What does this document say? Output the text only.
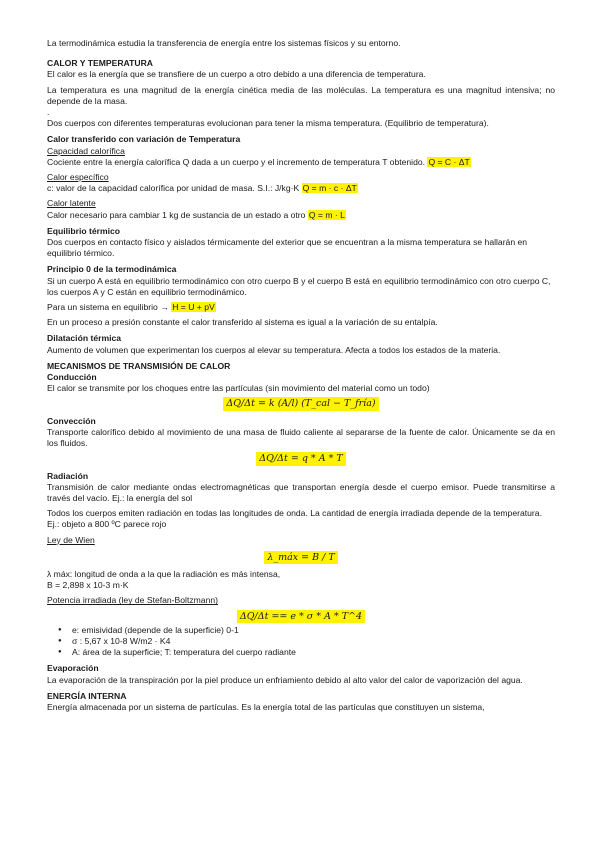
La termodinámica estudia la transferencia de energía entre los sistemas físicos y su entorno.

CALOR Y TEMPERATURA

El calor es la energía que se transfiere de un cuerpo a otro debido a una diferencia de temperatura.

La temperatura es una magnitud de la energía cinética media de las moléculas. La temperatura es una magnitud intensiva; no depende de la masa.

.

Dos cuerpos con diferentes temperaturas evolucionan para tener la misma temperatura. (Equilibrio de temperatura).

Calor transferido con variación de Temperatura

Capacidad calorífica

Cociente entre la energía calorífica Q dada a un cuerpo y el incremento de temperatura T obtenido. Q = C · ΔT

Calor específico

c: valor de la capacidad calorífica por unidad de masa. S.I.: J/kg·K Q = m · c · ΔT

Calor latente

Calor necesario para cambiar 1 kg de sustancia de un estado a otro Q = m · L

Equilibrio térmico

Dos cuerpos en contacto físico y aislados térmicamente del exterior que se encuentran a la misma temperatura se hallarán en equilibrio térmico.

Principio 0 de la termodinámica

Si un cuerpo A está en equilibrio termodinámico con otro cuerpo B y el cuerpo B está en equilibrio termodinámico con otro cuerpo C, los cuerpos A y C están en equilibrio termodinámico.

Para un sistema en equilibrio → H = U + pV

En un proceso a presión constante el calor transferido al sistema es igual a la variación de su entalpía.

Dilatación térmica

Aumento de volumen que experimentan los cuerpos al elevar su temperatura. Afecta a todos los estados de la materia.

MECANISMOS DE TRANSMISIÓN DE CALOR

Conducción

El calor se transmite por los choques entre las partículas (sin movimiento del material como un todo)

ΔQ/Δt = k (A/l) (T_cal − T_fría)

Convección

Transporte calorífico debido al movimiento de una masa de fluido caliente al separarse de la fuente de calor. Únicamente se da en los fluidos.

ΔQ/Δt = q * A * T

Radiación

Transmisión de calor mediante ondas electromagnéticas que transportan energía desde el cuerpo emisor. Puede transmitirse a través del vacío. Ej.: la energía del sol

Todos los cuerpos emiten radiación en todas las longitudes de onda. La cantidad de energía irradiada depende de la temperatura. Ej.: objeto a 800 ºC parece rojo

Ley de Wien

λ_máx = B / T

λ máx: longitud de onda a la que la radiación es más intensa,

B = 2,898 x 10-3 m·K

Potencia irradiada (ley de Stefan-Boltzmann)

ΔQ/Δt == e * σ * A * T^4
● e: emisividad (depende de la superficie) 0-1
● σ : 5,67 x 10-8 W/m2 · K4
● A: área de la superficie; T: temperatura del cuerpo radiante

Evaporación

La evaporación de la transpiración por la piel produce un enfriamiento debido al alto valor del calor de vaporización del agua.

ENERGÍA INTERNA

Energía almacenada por un sistema de partículas. Es la energía total de las partículas que constituyen un sistema,
